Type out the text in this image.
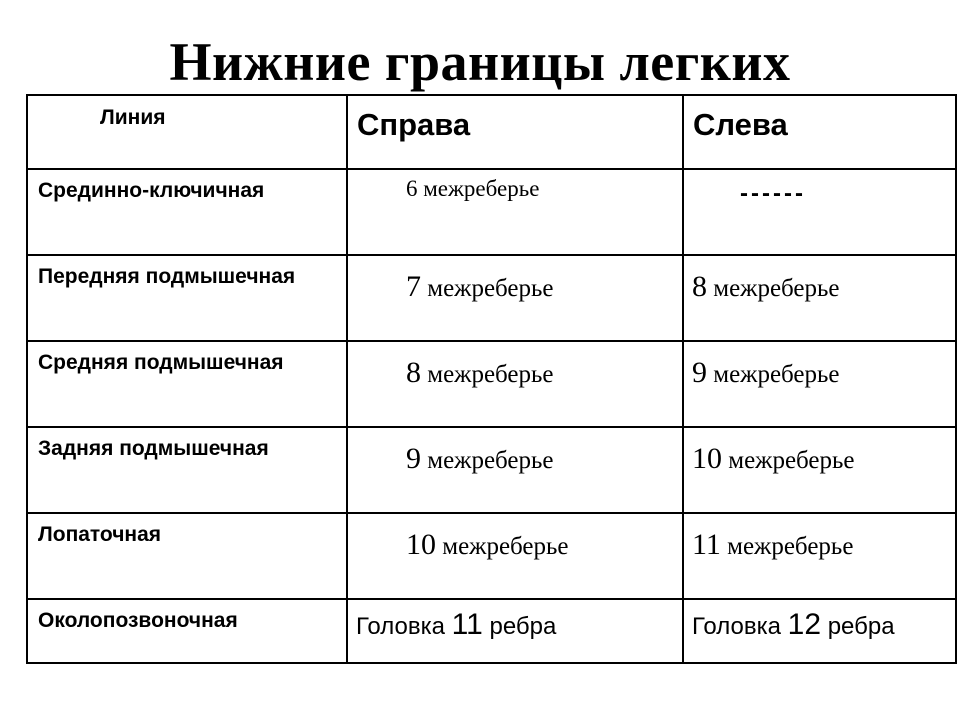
Нижние границы легких
Линия	Справа	Слева

Срединно-ключичная	6 межреберье	------

Передняя подмышечная	7 межреберье	8 межреберье

Средняя подмышечная	8 межреберье	9 межреберье

Задняя подмышечная	9 межреберье	10 межреберье

Лопаточная	10 межреберье	11 межреберье

Околопозвоночная	Головка 11 ребра	Головка 12 ребра
